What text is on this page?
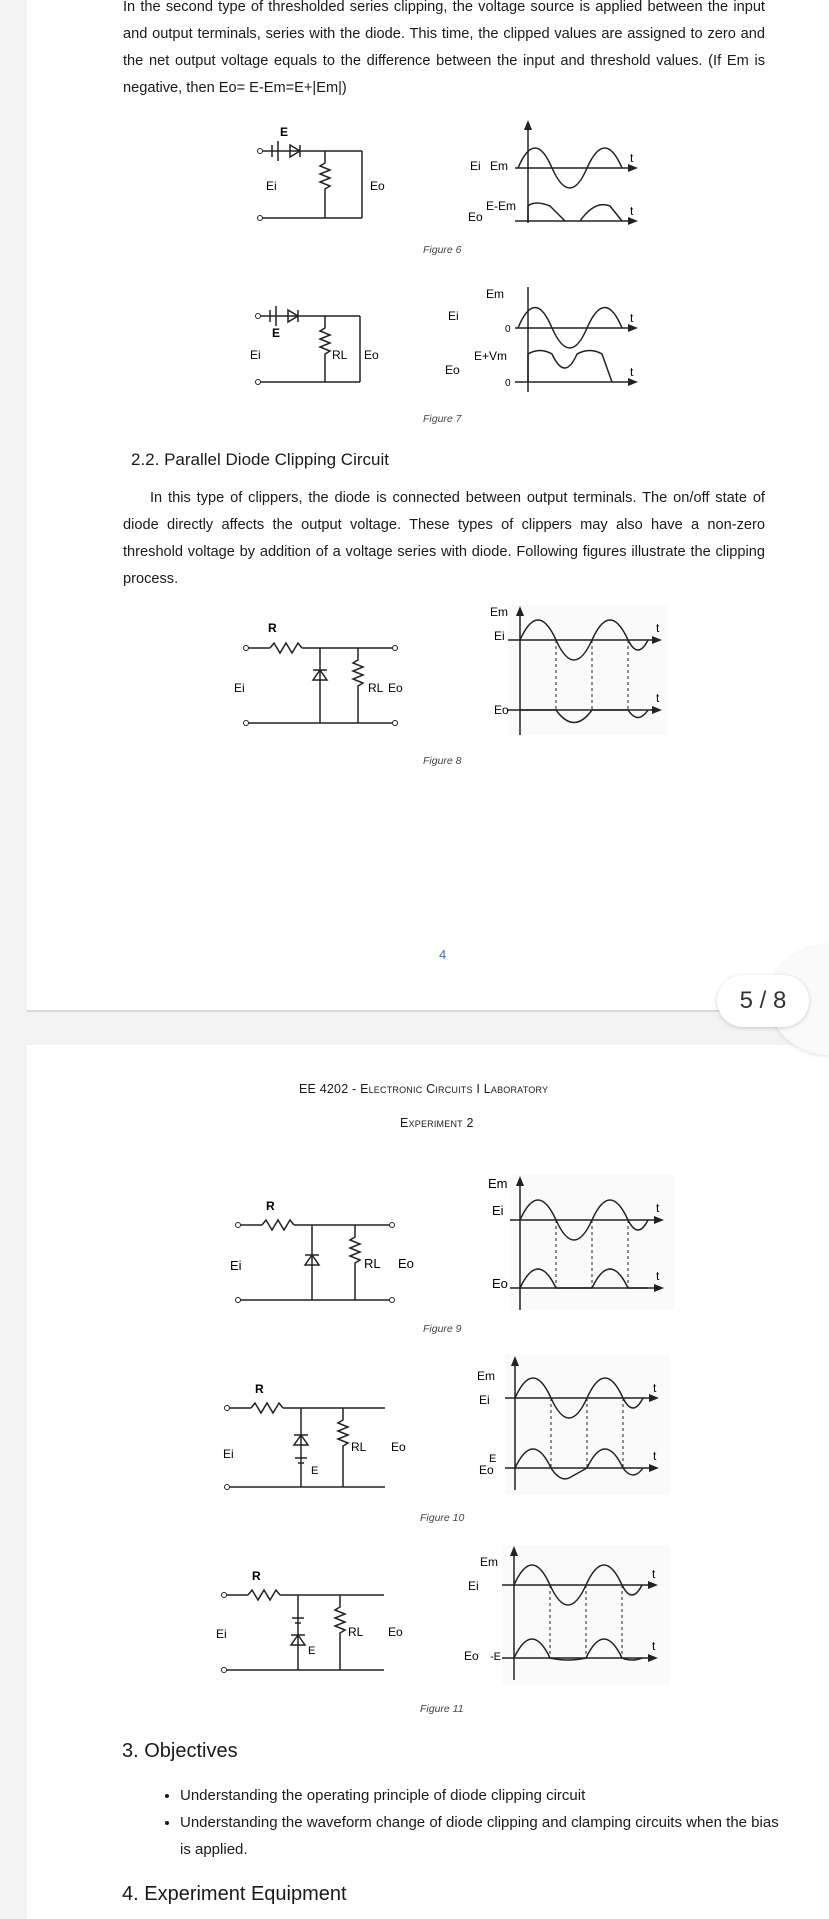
In the second type of thresholded series clipping, the voltage source is applied between the input and output terminals, series with the diode. This time, the clipped values are assigned to zero and the net output voltage equals to the difference between the input and threshold values. (If Em is negative, then Eo= E-Em=E+|Em|)

E
Ei	Eo
Ei Em
Eo
E-Em
t
t
Figure 6
E
Ei	RL Eo
Em
Ei
0
E+Vm
Eo
0
t
t
Figure 7
2.2. Parallel Diode Clipping Circuit

In this type of clippers, the diode is connected between output terminals. The on/off state of diode directly affects the output voltage. These types of clippers may also have a non-zero threshold voltage by addition of a voltage series with diode. Following figures illustrate the clipping process.

R
Ei	RL Eo
Em
Ei
Eo
t
t
Figure 8
4
5 / 8
EE 4202 - Electronic Circuits I Laboratory
Experiment 2
R
Ei	RL Eo
Em
Ei
Eo
t
t
Figure 9
R
Ei
E
RL Eo
Em
Ei
E
Eo
t
t
Figure 10
R
Ei
E
RL Eo
Em
Ei
Eo -E
t
t
Figure 11
3. Objectives
• Understanding the operating principle of diode clipping circuit
• Understanding the waveform change of diode clipping and clamping circuits when the bias is applied.
4. Experiment Equipment
